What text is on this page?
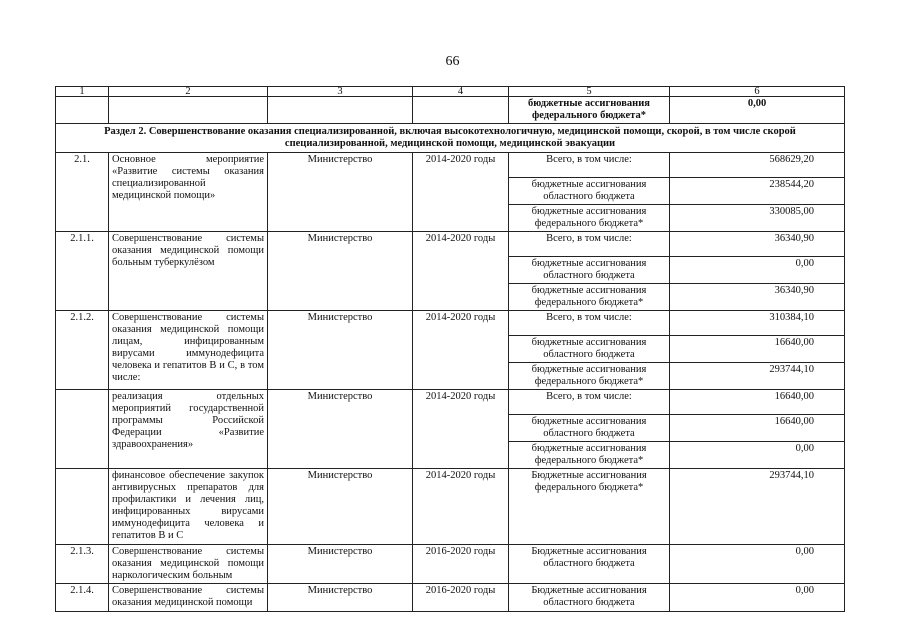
66
1	2	3	4	5	6
				бюджетные ассигнования федерального бюджета*	0,00
Раздел 2. Совершенствование оказания специализированной, включая высокотехнологичную, медицинской помощи, скорой, в том числе скорой специализированной, медицинской помощи, медицинской эвакуации					
2.1.	Основное мероприятие «Развитие системы оказания специализированной медицинской помощи»	Министерство	2014-2020 годы	Всего, в том числе:	568629,20
				бюджетные ассигнования областного бюджета	238544,20
				бюджетные ассигнования федерального бюджета*	330085,00
2.1.1.	Совершенствование системы оказания медицинской помощи больным туберкулёзом	Министерство	2014-2020 годы	Всего, в том числе:	36340,90
				бюджетные ассигнования областного бюджета	0,00
				бюджетные ассигнования федерального бюджета*	36340,90
2.1.2.	Совершенствование системы оказания медицинской помощи лицам, инфицированным вирусами иммунодефицита человека и гепатитов В и С, в том числе:	Министерство	2014-2020 годы	Всего, в том числе:	310384,10
				бюджетные ассигнования областного бюджета	16640,00
				бюджетные ассигнования федерального бюджета*	293744,10
	реализация отдельных мероприятий государственной программы Российской Федерации «Развитие здравоохранения»	Министерство	2014-2020 годы	Всего, в том числе:	16640,00
				бюджетные ассигнования областного бюджета	16640,00
				бюджетные ассигнования федерального бюджета*	0,00
	финансовое обеспечение закупок антивирусных препаратов для профилактики и лечения лиц, инфицированных вирусами иммунодефицита человека и гепатитов В и С	Министерство	2014-2020 годы	Бюджетные ассигнования федерального бюджета*	293744,10
2.1.3.	Совершенствование системы оказания медицинской помощи наркологическим больным	Министерство	2016-2020 годы	Бюджетные ассигнования областного бюджета	0,00
2.1.4.	Совершенствование системы оказания медицинской помощи	Министерство	2016-2020 годы	Бюджетные ассигнования областного бюджета	0,00
